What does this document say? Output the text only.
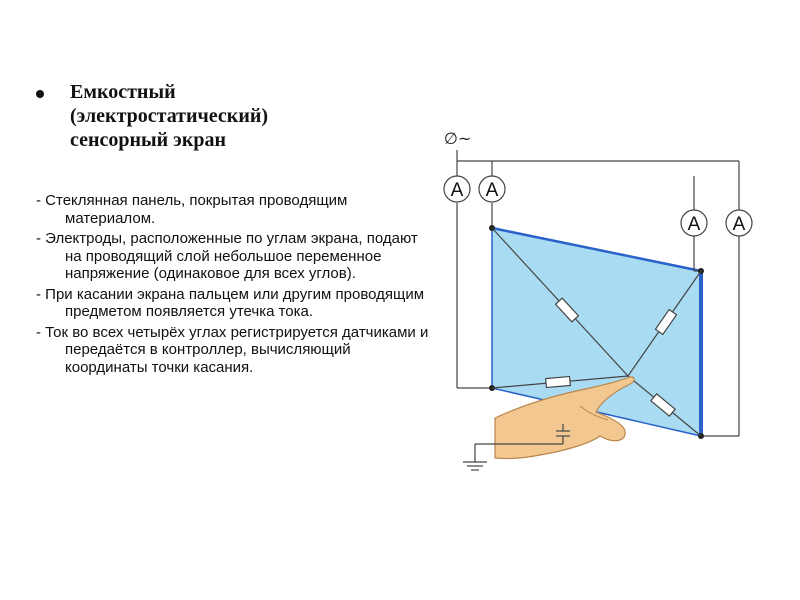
Емкостный
(электростатический)
сенсорный экран
- Стеклянная панель, покрытая проводящим материалом.
- Электроды, расположенные по углам экрана, подают на проводящий слой небольшое переменное напряжение (одинаковое для всех углов).
- При касании экрана пальцем или другим проводящим предметом появляется утечка тока.
- Ток во всех четырёх углах регистрируется датчиками и передаётся в контроллер, вычисляющий координаты точки касания.
A A
A A
∅~
